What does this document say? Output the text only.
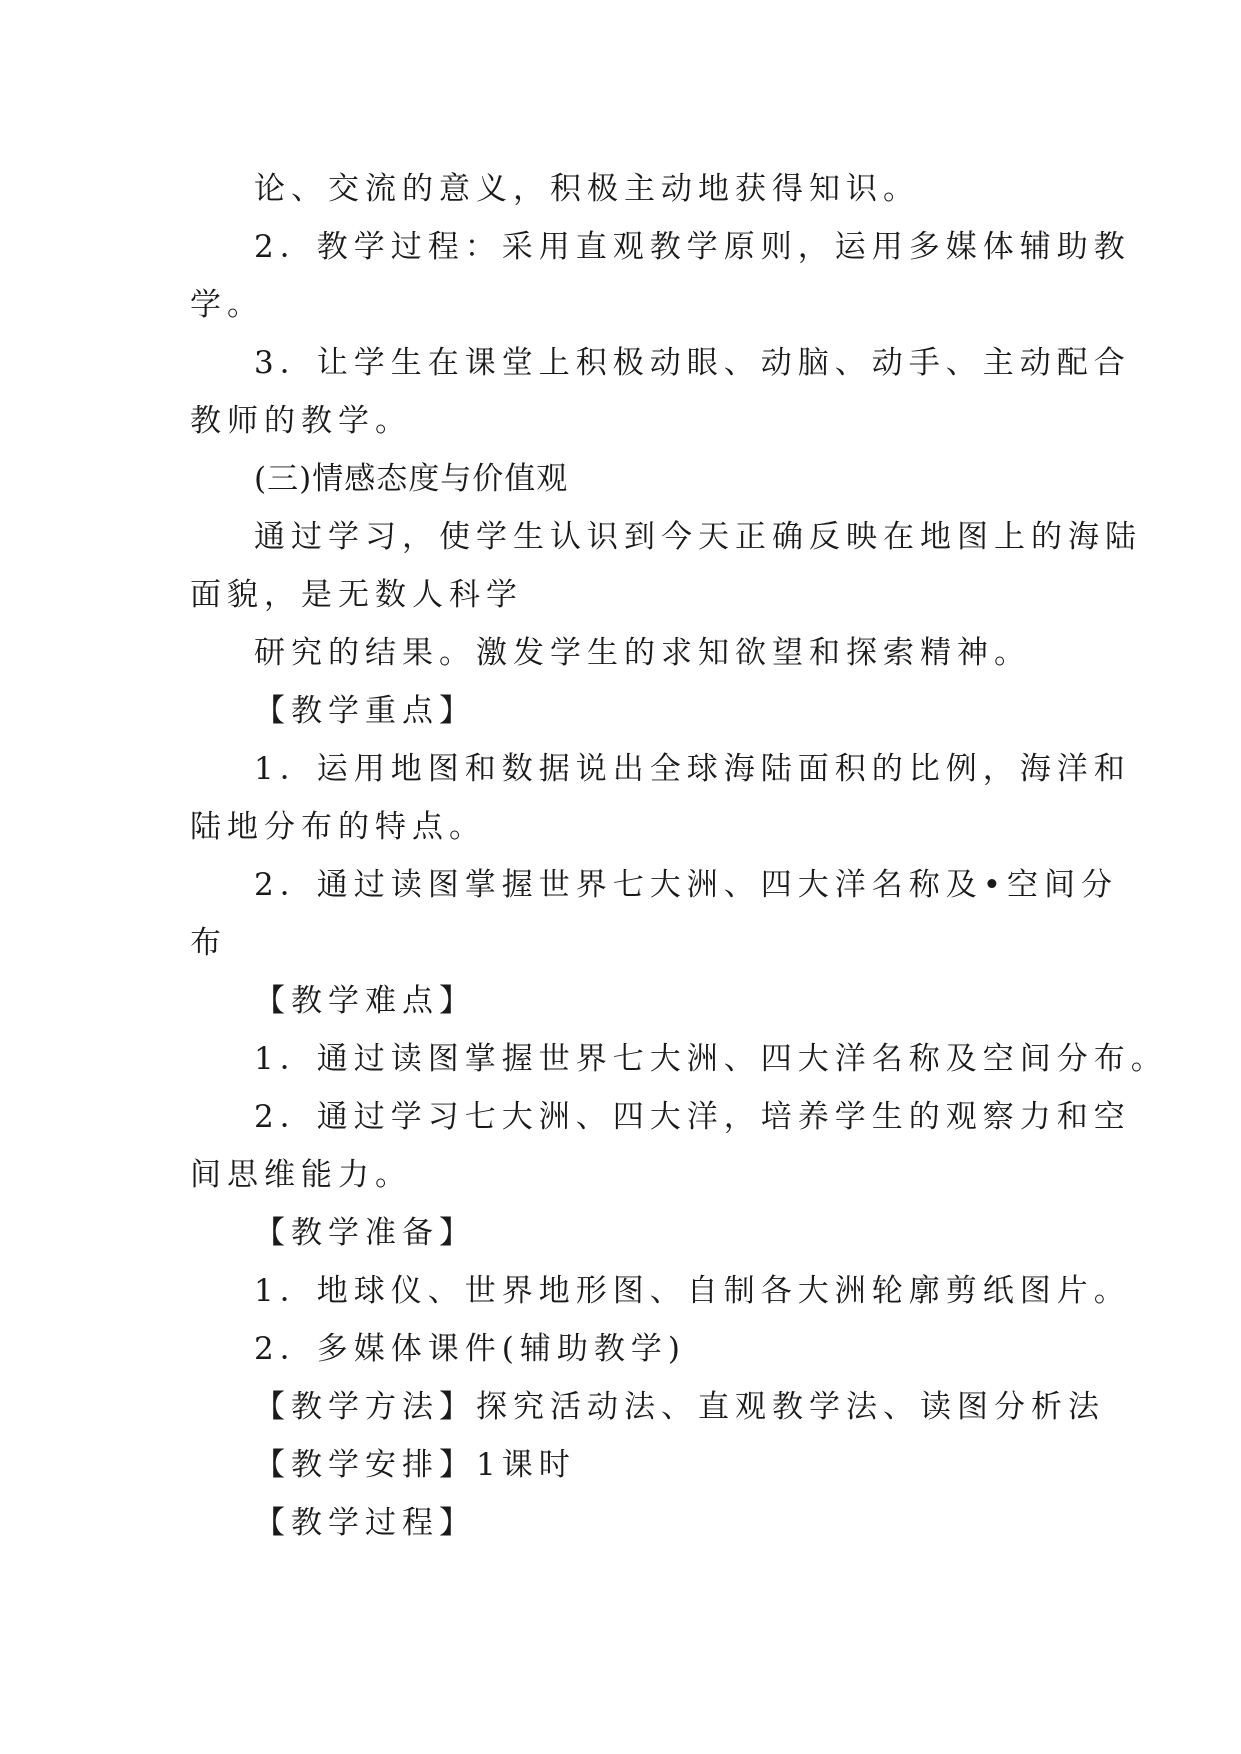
论、交流的意义，积极主动地获得知识。
2．教学过程：采用直观教学原则，运用多媒体辅助教
学。
3．让学生在课堂上积极动眼、动脑、动手、主动配合
教师的教学。
(三)情感态度与价值观
通过学习，使学生认识到今天正确反映在地图上的海陆
面貌，是无数人科学
研究的结果。激发学生的求知欲望和探索精神。
【教学重点】
1．运用地图和数据说出全球海陆面积的比例，海洋和
陆地分布的特点。
2．通过读图掌握世界七大洲、四大洋名称及•空间分
布
【教学难点】
1．通过读图掌握世界七大洲、四大洋名称及空间分布。
2．通过学习七大洲、四大洋，培养学生的观察力和空
间思维能力。
【教学准备】
1．地球仪、世界地形图、自制各大洲轮廓剪纸图片。
2．多媒体课件(辅助教学)
【教学方法】探究活动法、直观教学法、读图分析法
【教学安排】1课时
【教学过程】
